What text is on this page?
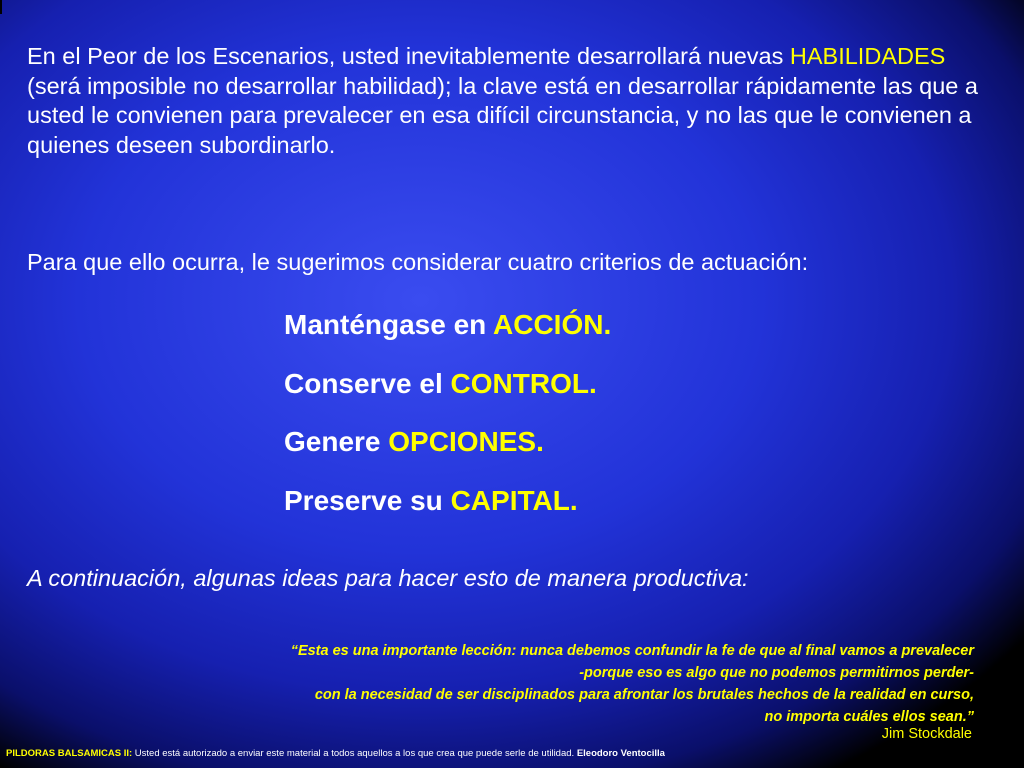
En el Peor de los Escenarios, usted inevitablemente desarrollará nuevas HABILIDADES (será imposible no desarrollar habilidad); la clave está en desarrollar rápidamente las que a usted le convienen para prevalecer en esa difícil circunstancia, y no las que le convienen a quienes deseen subordinarlo.

Para que ello ocurra, le sugerimos considerar cuatro criterios de actuación:

Manténgase en ACCIÓN.
Conserve el CONTROL.
Genere OPCIONES.
Preserve su CAPITAL.

A continuación, algunas ideas para hacer esto de manera productiva:

“Esta es una importante lección: nunca debemos confundir la fe de que al final vamos a prevalecer
-porque eso es algo que no podemos permitirnos perder-
con la necesidad de ser disciplinados para afrontar los brutales hechos de la realidad en curso,
no importa cuáles ellos sean.”

Jim Stockdale

PILDORAS BALSAMICAS II: Usted está autorizado a enviar este material a todos aquellos a los que crea que puede serle de utilidad. Eleodoro Ventocilla
